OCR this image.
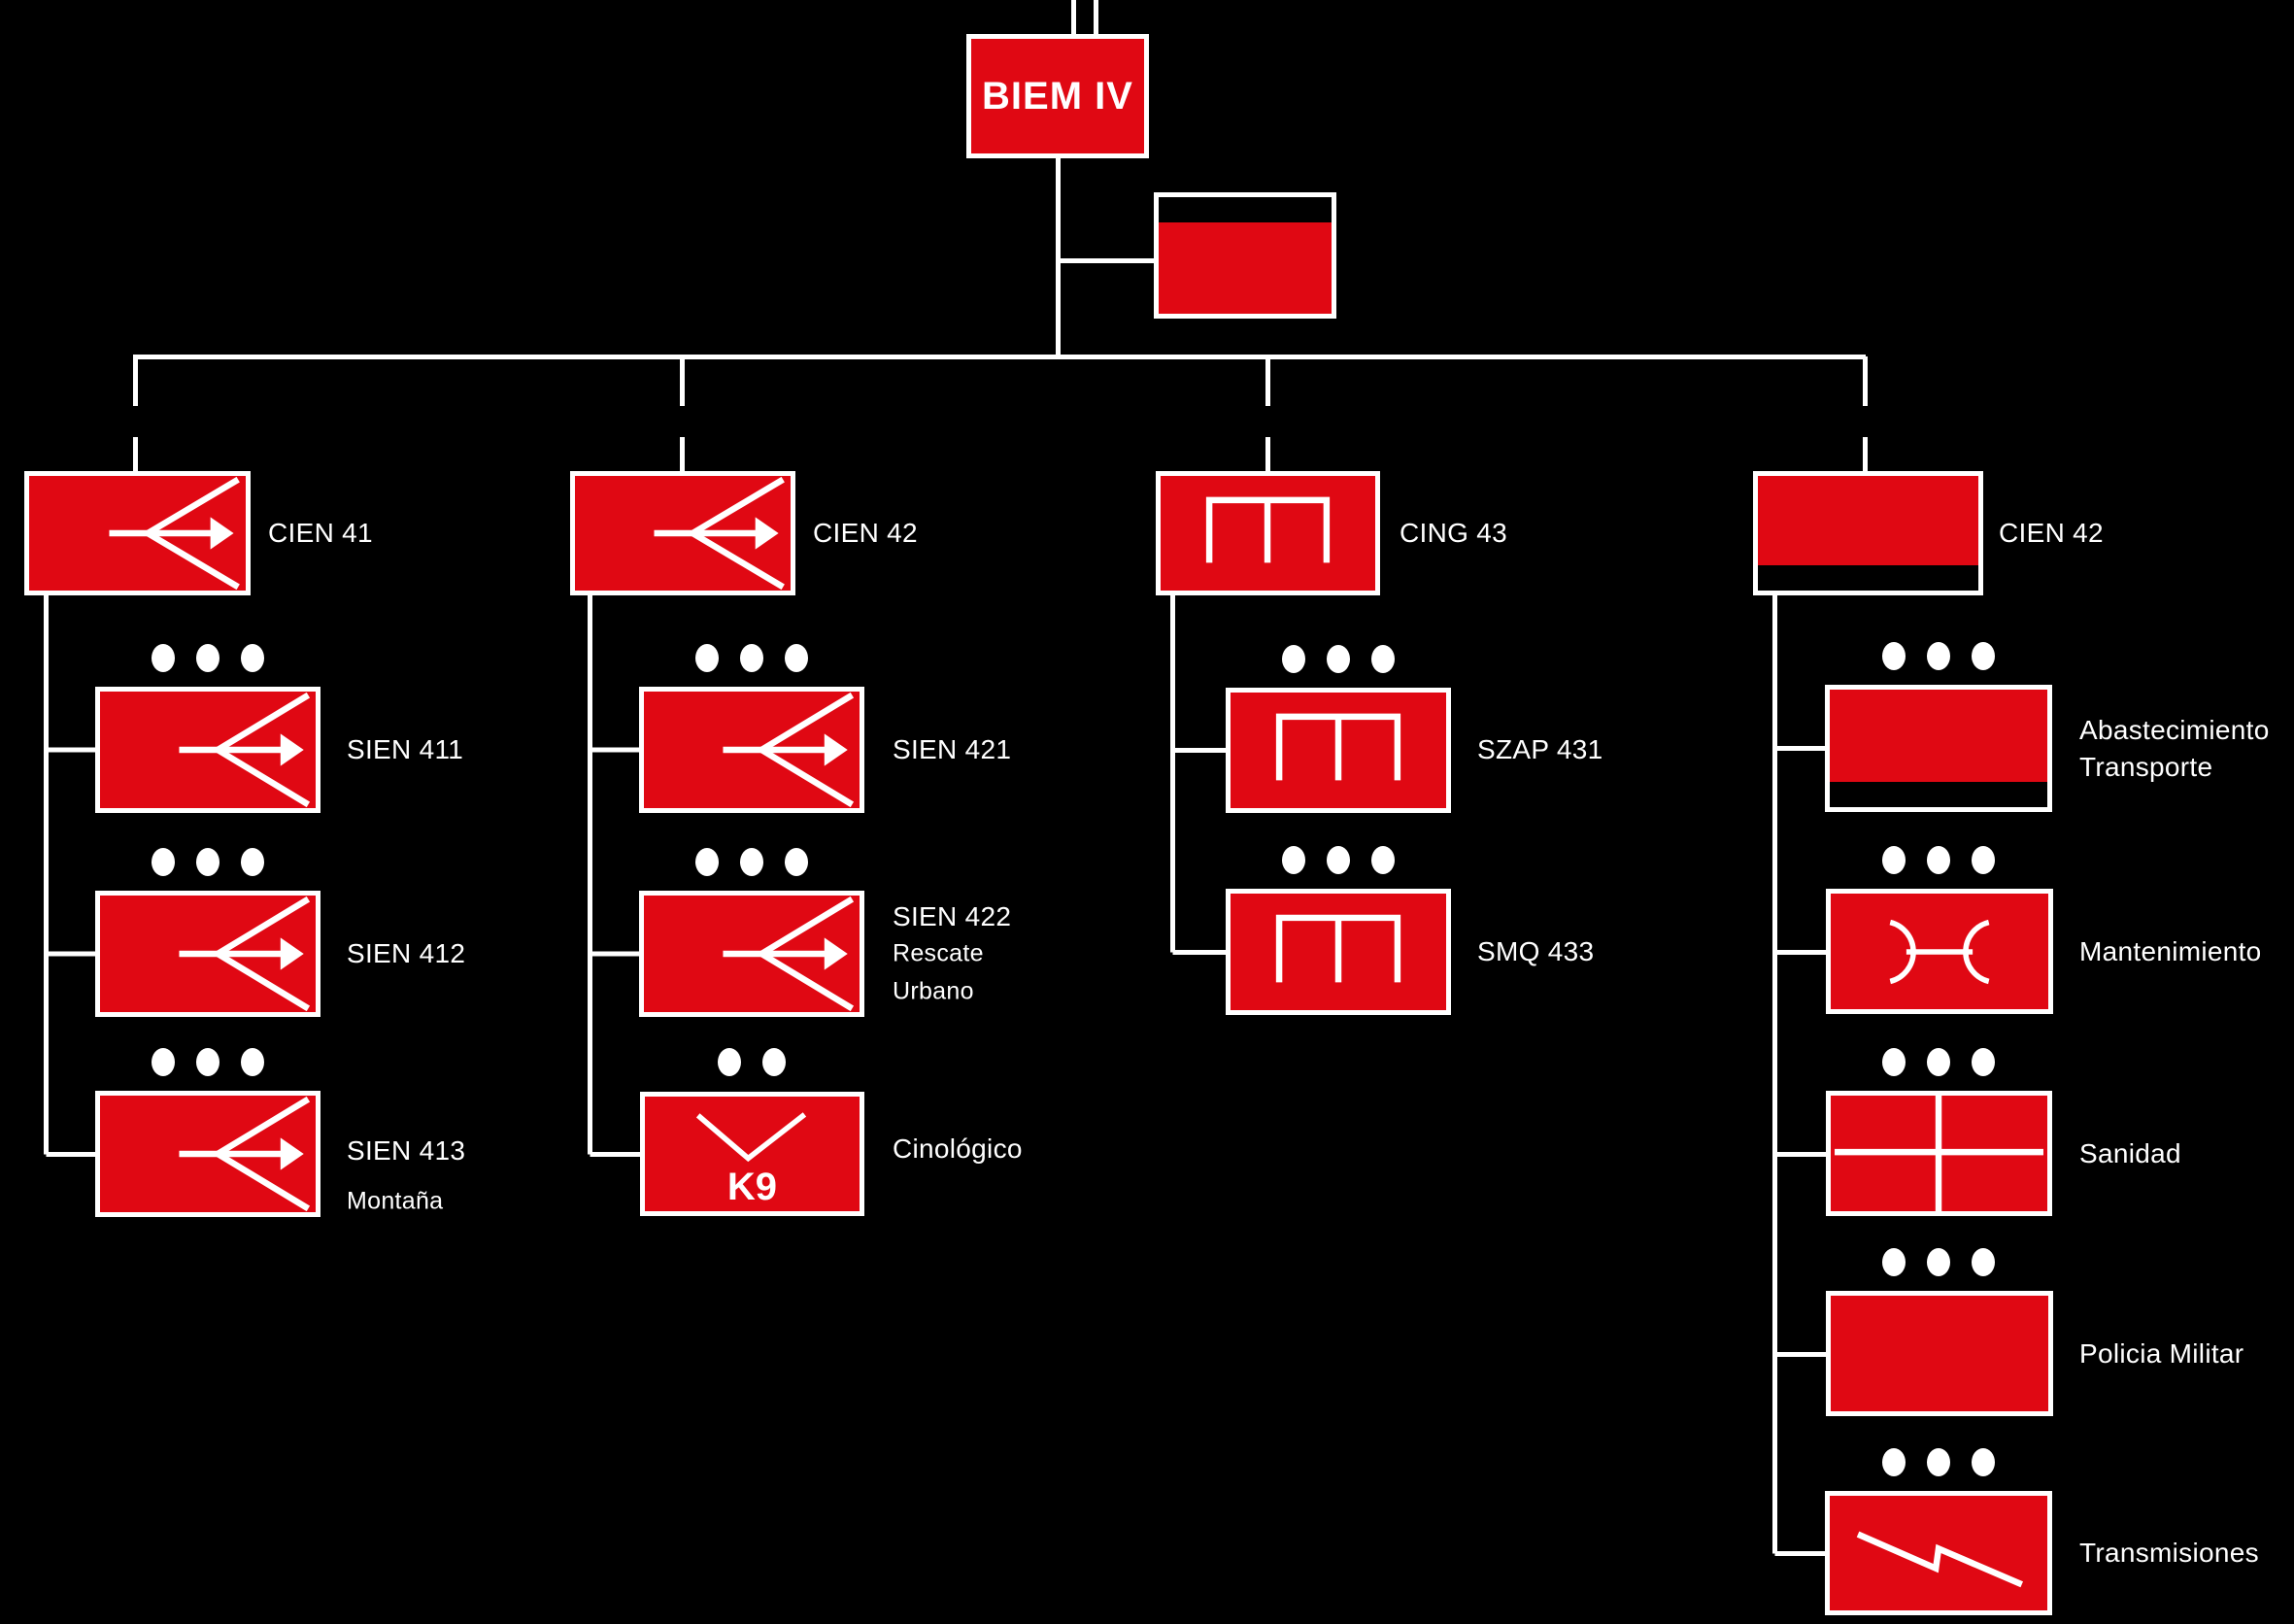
BIEM IV
K9
CIEN 41	CIEN 42	CING 43	CIEN 42
SIEN 411
SIEN 412
SIEN 413
Montaña
SIEN 421
SIEN 422
Rescate
Urbano
Cinológico
SZAP 431
SMQ 433
Abastecimiento
Transporte
Mantenimiento
Sanidad
Policia Militar
Transmisiones
